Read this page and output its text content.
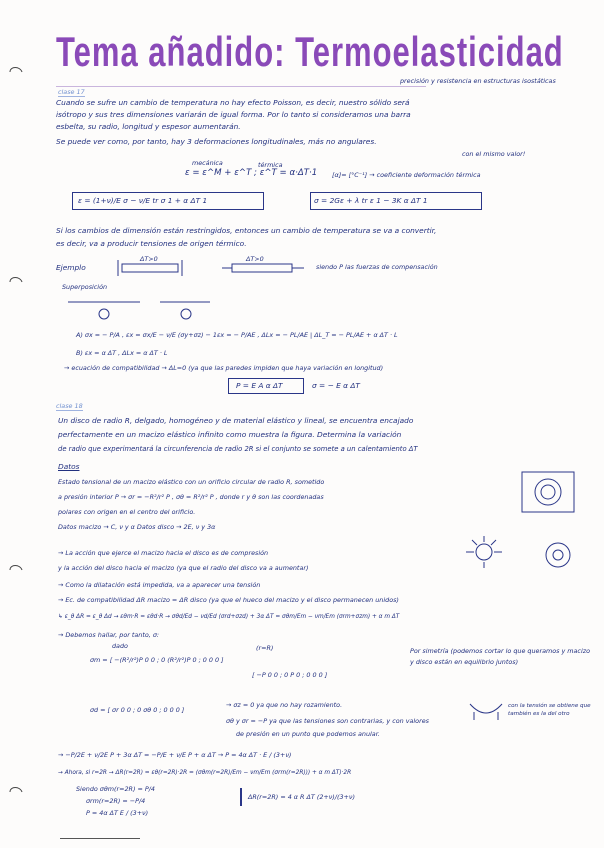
Tema añadido: Termoelasticidad
precisión y resistencia en estructuras isostáticas
clase 17
Cuando se sufre un cambio de temperatura no hay efecto Poisson, es decir, nuestro sólido será
isótropo y sus tres dimensiones variarán de igual forma. Por lo tanto si consideramos una barra
esbelta, su radio, longitud y espesor aumentarán.
Se puede ver como, por tanto, hay 3 deformaciones longitudinales, más no angulares.
con el mismo valor!
mecánica
ε = ε^M + ε^T ; ε^T = α·ΔT·1
térmica
[α]= [°C⁻¹] → coeficiente deformación térmica
ε = (1+ν)/E σ − ν/E tr σ 1 + α ΔT 1	σ = 2Gε + λ tr ε 1 − 3K α ΔT 1
Si los cambios de dimensión están restringidos, entonces un cambio de temperatura se va a convertir,
es decir, va a producir tensiones de origen térmico.
Ejemplo
ΔT>0	ΔT>0
siendo P las fuerzas de compensación
Superposición
A) σx = − P/A , εx = σx/E − ν/E (σy+σz) − 1εx = − P/AE , ΔLx = − PL/AE | ΔL_T = − PL/AE + α ΔT · L
B) εx = α ΔT , ΔLx = α ΔT · L
→ ecuación de compatibilidad → ΔL=0 (ya que las paredes impiden que haya variación en longitud)
P = E A α ΔT	σ = − E α ΔT
clase 18
Un disco de radio R, delgado, homogéneo y de material elástico y lineal, se encuentra encajado
perfectamente en un macizo elástico infinito como muestra la figura. Determina la variación
de radio que experimentará la circunferencia de radio 2R si el conjunto se somete a un calentamiento ΔT
Datos
Estado tensional de un macizo elástico con un orificio circular de radio R, sometido
a presión interior P → σr = −R²/r² P , σθ = R²/r² P , donde r y θ son las coordenadas
polares con origen en el centro del orificio.
Datos macizo → C, ν y α Datos disco → 2E, ν y 3α
→ La acción que ejerce el macizo hacia el disco es de compresión
y la acción del disco hacia el macizo (ya que el radio del disco va a aumentar)
→ Como la dilatación está impedida, va a aparecer una tensión
→ Ec. de compatibilidad ΔR macizo = ΔR disco (ya que el hueco del macizo y el disco permanecen unidos)
↳ ε_θ ΔR = ε_θ Δd → εθm·R = εθd·R → σθd/Ed − νd/Ed (σrd+σzd) + 3α ΔT = σθm/Em − νm/Em (σrm+σzm) + α m ΔT
→ Debemos hallar, por tanto, σ:
dado
σm = [ −(R²/r²)P 0 0 ; 0 (R²/r²)P 0 ; 0 0 0 ]
(r=R)
[ −P 0 0 ; 0 P 0 ; 0 0 0 ]
Por simetría (podemos cortar lo que queramos y macizo y disco están en equilibrio juntos)
σd = [ σr 0 0 ; 0 σθ 0 ; 0 0 0 ]
→ σz = 0 ya que no hay rozamiento.
σθ y σr = −P ya que las tensiones son contrarias, y con valores
de presión en un punto que podemos anular.
con la tensión se obtiene que también es la del otro
→ −P/2E + ν/2E P + 3α ΔT = −P/E + ν/E P + α ΔT → P = 4α ΔT · E / (3+ν)
→ Ahora, si r=2R → ΔR(r=2R) = εθ(r=2R)·2R = (σθm(r=2R)/Em − νm/Em (σrm(r=2R))) + α m ΔT)·2R
Siendo σθm(r=2R) = P/4
σrm(r=2R) = −P/4
P = 4α ΔT E / (3+ν)
ΔR(r=2R) = 4 α R ΔT (2+ν)/(3+ν)
